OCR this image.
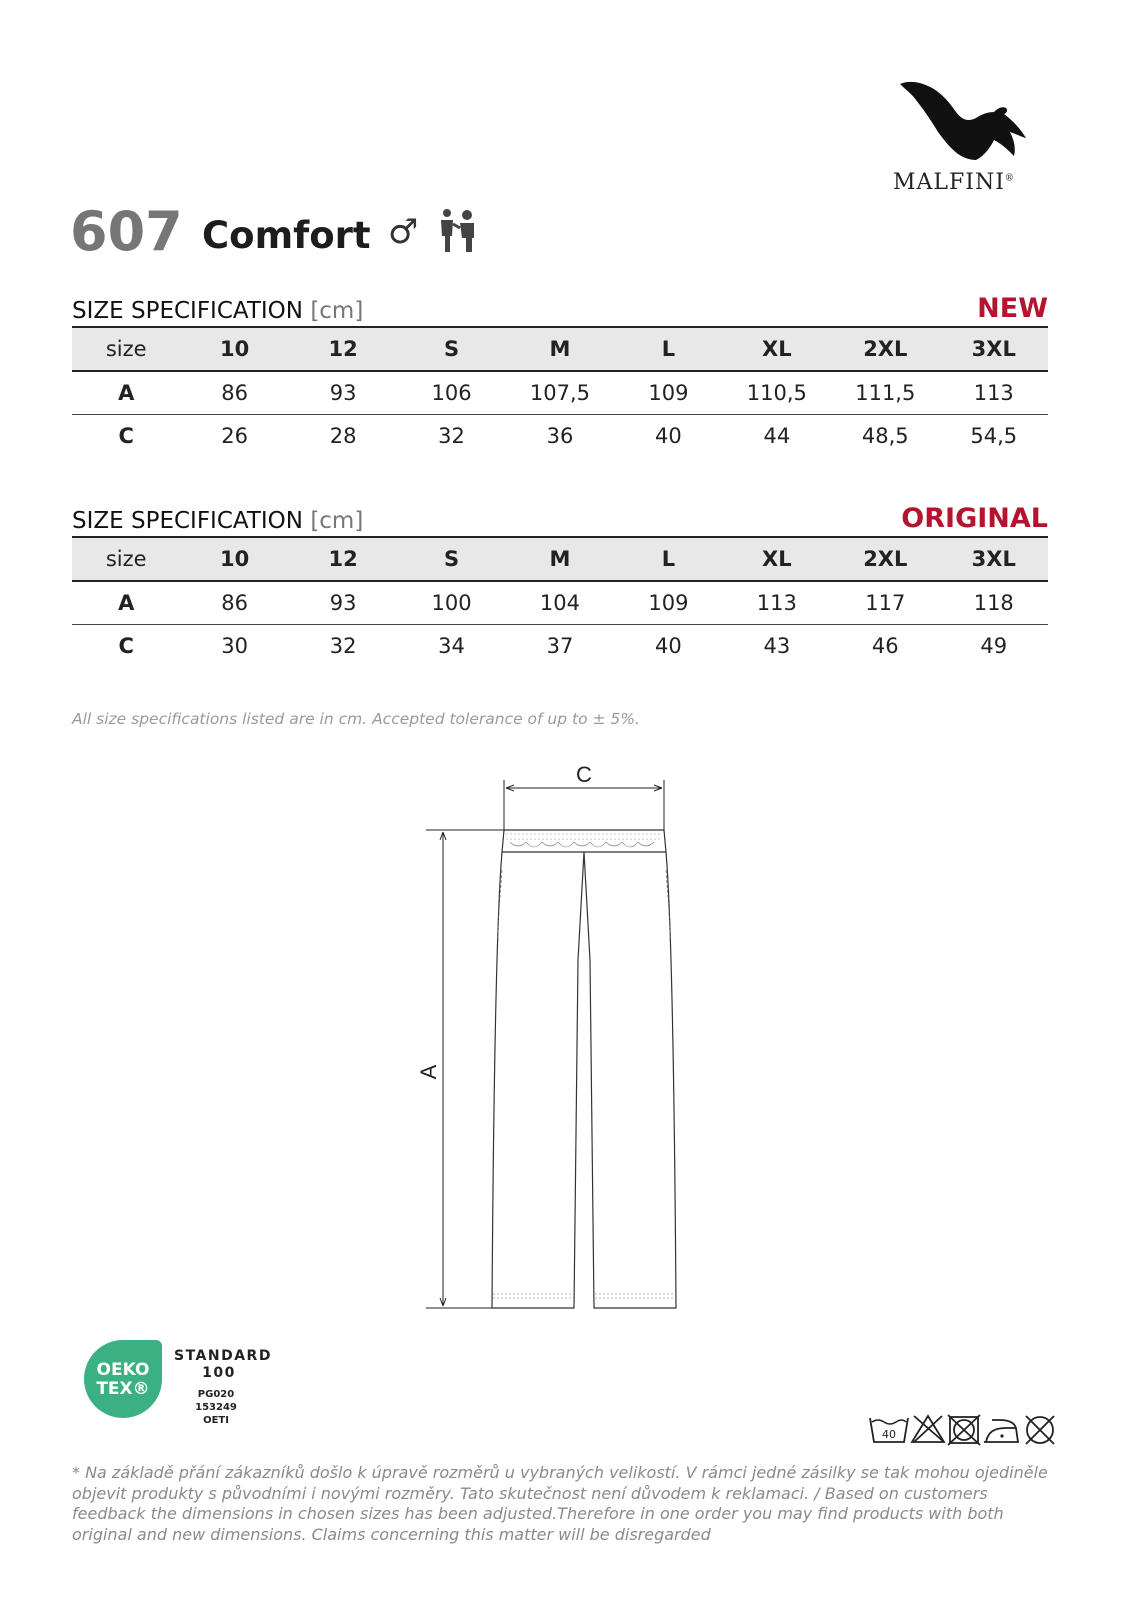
MALFINI®
607 Comfort ♂
SIZE SPECIFICATION [cm]	NEW
size	10	12	S	M	L	XL	2XL	3XL
A	86	93	106	107,5	109	110,5	111,5	113
C	26	28	32	36	40	44	48,5	54,5
SIZE SPECIFICATION [cm]	ORIGINAL
size	10	12	S	M	L	XL	2XL	3XL
A	86	93	100	104	109	113	117	118
C	30	32	34	37	40	43	46	49
All size specifications listed are in cm. Accepted tolerance of up to ± 5%.
C
A
OEKO
TEX®
STANDARD
100
PG020 153249
OETI
40
* Na základě přání zákazníků došlo k úpravě rozměrů u vybraných velikostí. V rámci jedné zásilky se tak mohou ojediněle objevit produkty s původními i novými rozměry. Tato skutečnost není důvodem k reklamaci. / Based on customers feedback the dimensions in chosen sizes has been adjusted.Therefore in one order you may find products with both original and new dimensions. Claims concerning this matter will be disregarded
